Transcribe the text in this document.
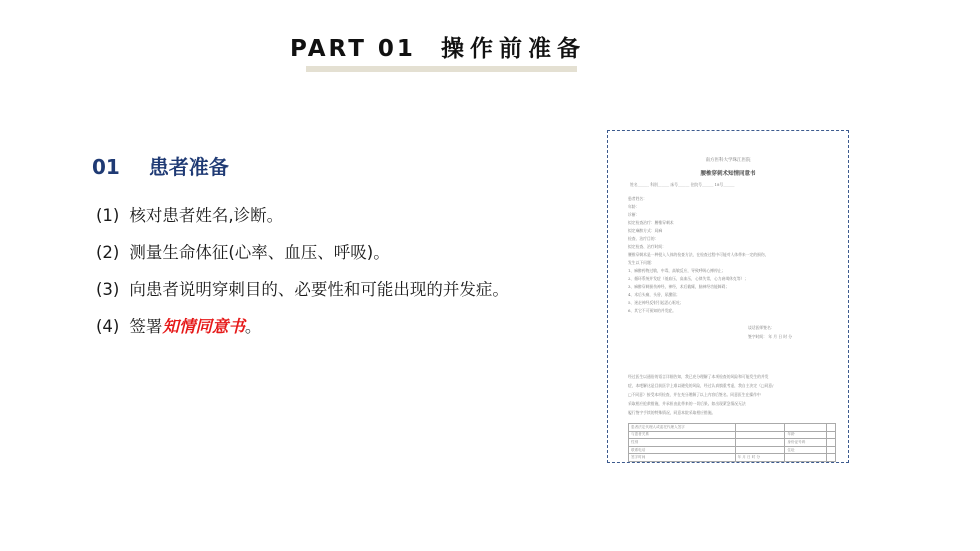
PART 01 操作前准备
01 患者准备
(1) 核对患者姓名,诊断。
(2) 测量生命体征(心率、血压、呼吸)。
(3) 向患者说明穿刺目的、必要性和可能出现的并发症。
(4) 签署知情同意书。
南方医科大学珠江医院
腰椎穿刺术知情同意书
姓名______ 科别______ 床号______ 住院号______ 18号______
患者姓名：
年龄：
诊断：
拟定检查治疗：腰椎穿刺术
拟定麻醉方式：局麻
检查、治疗目的：
拟定检查、治疗时间：
腰椎穿刺术是一种侵入人体的检查方法，在检查过程中可能对人体带来一定的损伤，
发生以下问题：
1、麻醉药物过敏，中毒，高敏反应，导致呼吸心搏停止；
2、循环系统并发症（低血压，高血压，心律失常，心力衰竭休克等）；
3、麻醉穿刺损伤神经，神经，术后截瘫，脑神经功能障碍；
4、术后头痛，头昏，尿潴留；
5、迷走神经反射引起恶心呕吐；
6、其它不可预知的并发症。
谈话医师签名：
签字时间： 年 月 日 时 分
经过医生以通俗的语言详细告知，我已充分理解了本项检查的风险和可能发生的并发
症，本吧解这是目前医学上难以避免的风险，经过认真慎重考虑，我自主决定（□同意/
□不同意）接受本项检查，并在充分理解了以上内容后签名。同意医生在操作中
采取相应抢救措施，并承担由此带来的一切后果。如出现紧急情况无法
履行签字手续的特殊情况，同意本院采取相应措施。
患者法定代理人或委托代理人签字			
与患者关系		年龄	
性别		身份证号码	
联系电话		住址	
签字时间	年 月 日 时 分		
